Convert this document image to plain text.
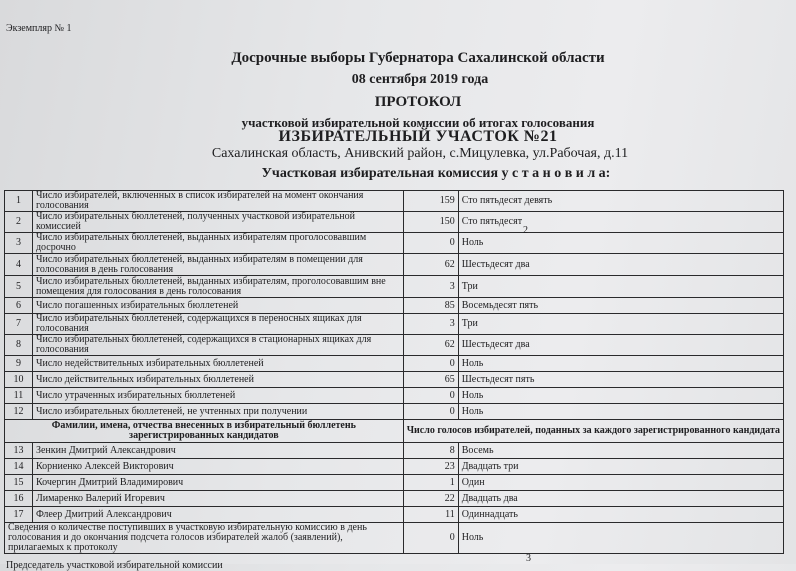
Экземпляр № 1
Досрочные выборы Губернатора Сахалинской области
08 сентября 2019 года
ПРОТОКОЛ
участковой избирательной комиссии об итогах голосования
ИЗБИРАТЕЛЬНЫЙ УЧАСТОК №21
Сахалинская область, Анивский район, с.Мицулевка, ул.Рабочая, д.11
Участковая избирательная комиссия у с т а н о в и л а:
1	Число избирателей, включенных в список избирателей на момент окончания голосования	159	Сто пятьдесят девять
2	Число избирательных бюллетеней, полученных участковой избирательной комиссией	150	Сто пятьдесят
3	Число избирательных бюллетеней, выданных избирателям проголосовавшим досрочно	0	Ноль
4	Число избирательных бюллетеней, выданных избирателям в помещении для голосования в день голосования	62	Шестьдесят два
5	Число избирательных бюллетеней, выданных избирателям, проголосовавшим вне помещения для голосования в день голосования	3	Три
6	Число погашенных избирательных бюллетеней	85	Восемьдесят пять
7	Число избирательных бюллетеней, содержащихся в переносных ящиках для голосования	3	Три
8	Число избирательных бюллетеней, содержащихся в стационарных ящиках для голосования	62	Шестьдесят два
9	Число недействительных избирательных бюллетеней	0	Ноль
10	Число действительных избирательных бюллетеней	65	Шестьдесят пять
11	Число утраченных избирательных бюллетеней	0	Ноль
12	Число избирательных бюллетеней, не учтенных при получении	0	Ноль
Фамилии, имена, отчества внесенных в избирательный бюллетень зарегистрированных кандидатов		Число голосов избирателей, поданных за каждого зарегистрированного кандидата	
13	Зенкин Дмитрий Александрович	8	Восемь
14	Корниенко Алексей Викторович	23	Двадцать три
15	Кочергин Дмитрий Владимирович	1	Один
16	Лимаренко Валерий Игоревич	22	Двадцать два
17	Флеер Дмитрий Александрович	11	Одиннадцать
Сведения о количестве поступивших в участковую избирательную комиссию в день голосования и до окончания подсчета голосов избирателей жалоб (заявлений), прилагаемых к протоколу		0	Ноль
2
3
Председатель участковой избирательной комиссии
